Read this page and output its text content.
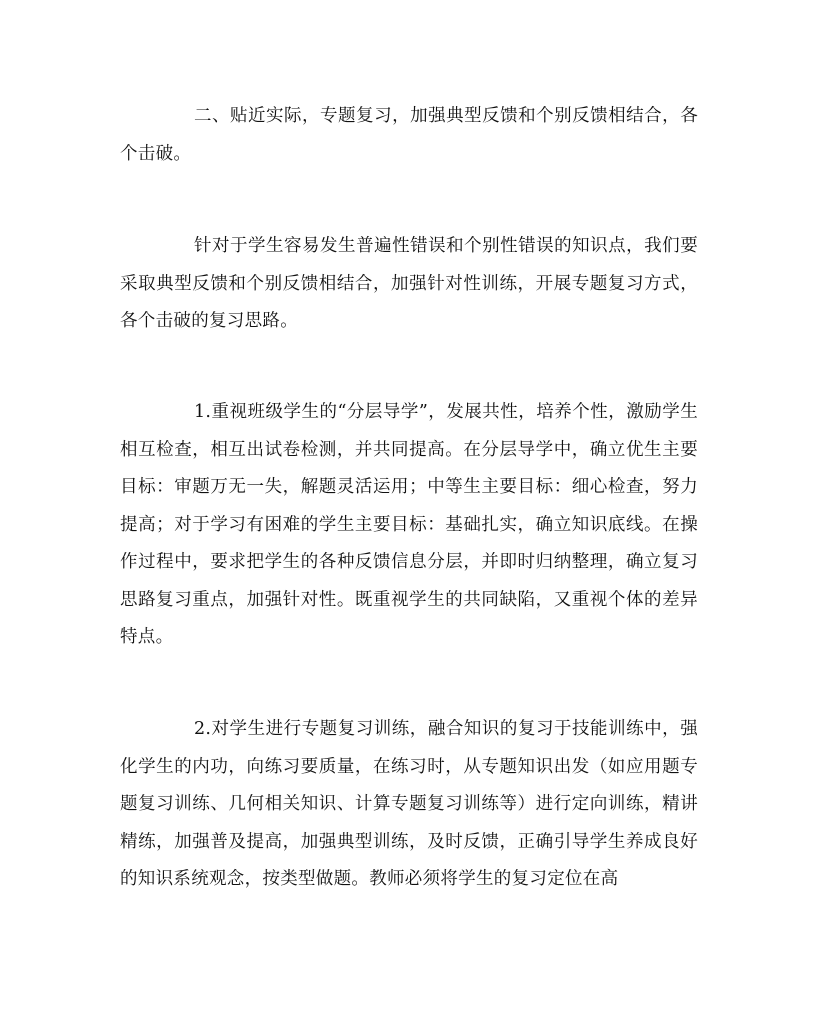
二、贴近实际，专题复习，加强典型反馈和个别反馈相结合，各个击破。

针对于学生容易发生普遍性错误和个别性错误的知识点，我们要采取典型反馈和个别反馈相结合，加强针对性训练，开展专题复习方式，各个击破的复习思路。

1.重视班级学生的“分层导学”，发展共性，培养个性，激励学生相互检查，相互出试卷检测，并共同提高。在分层导学中，确立优生主要目标：审题万无一失，解题灵活运用；中等生主要目标：细心检查，努力提高；对于学习有困难的学生主要目标：基础扎实，确立知识底线。在操作过程中，要求把学生的各种反馈信息分层，并即时归纳整理，确立复习思路复习重点，加强针对性。既重视学生的共同缺陷，又重视个体的差异特点。

2.对学生进行专题复习训练，融合知识的复习于技能训练中，强化学生的内功，向练习要质量，在练习时，从专题知识出发（如应用题专题复习训练、几何相关知识、计算专题复习训练等）进行定向训练，精讲精练，加强普及提高，加强典型训练，及时反馈，正确引导学生养成良好的知识系统观念，按类型做题。教师必须将学生的复习定位在高
